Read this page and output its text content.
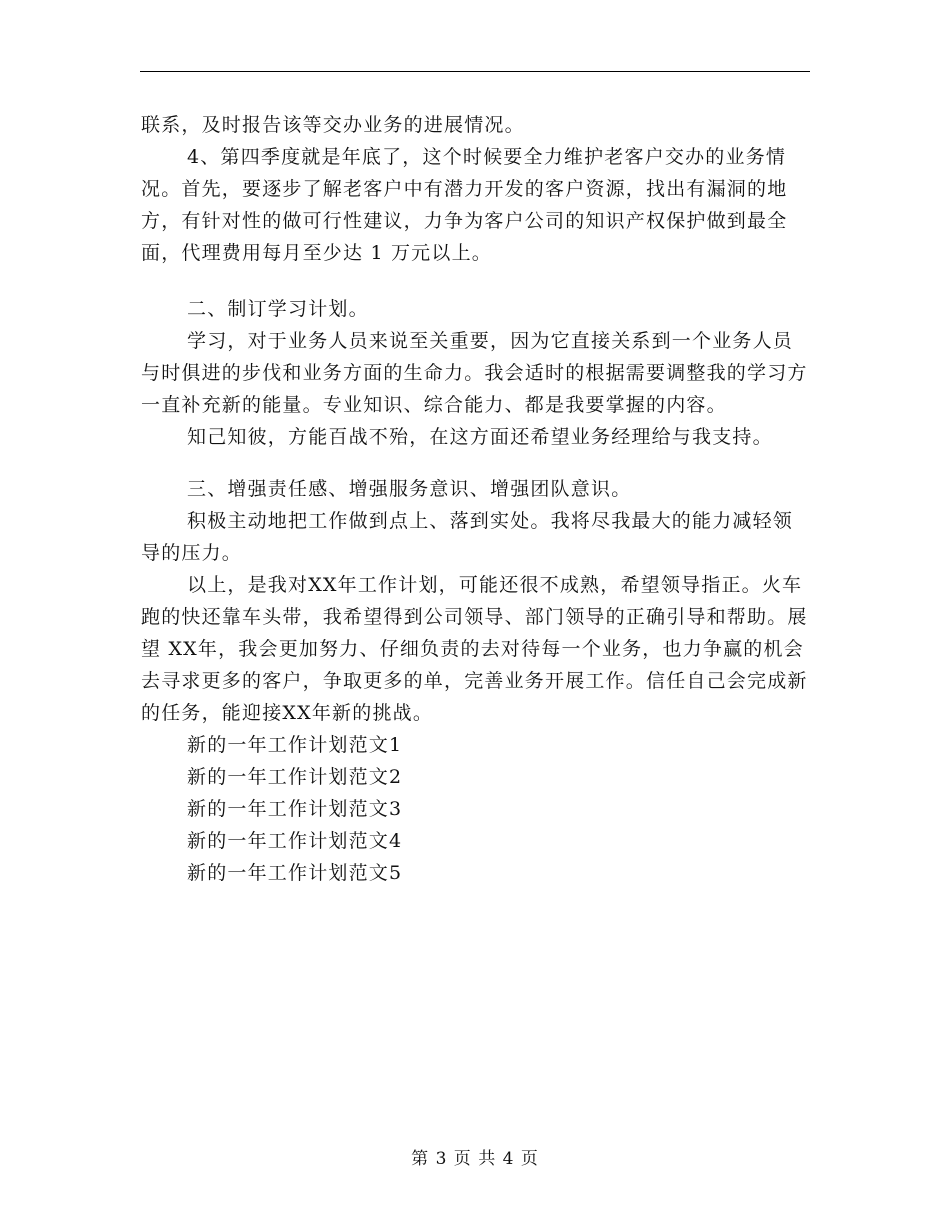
联系，及时报告该等交办业务的进展情况。

4、第四季度就是年底了，这个时候要全力维护老客户交办的业务情况。首先，要逐步了解老客户中有潜力开发的客户资源，找出有漏洞的地方，有针对性的做可行性建议，力争为客户公司的知识产权保护做到最全面，代理费用每月至少达 1 万元以上。

二、制订学习计划。

学习，对于业务人员来说至关重要，因为它直接关系到一个业务人员与时俱进的步伐和业务方面的生命力。我会适时的根据需要调整我的学习方一直补充新的能量。专业知识、综合能力、都是我要掌握的内容。

知己知彼，方能百战不殆，在这方面还希望业务经理给与我支持。

三、增强责任感、增强服务意识、增强团队意识。

积极主动地把工作做到点上、落到实处。我将尽我最大的能力减轻领导的压力。

以上，是我对XX年工作计划，可能还很不成熟，希望领导指正。火车跑的快还靠车头带，我希望得到公司领导、部门领导的正确引导和帮助。展望 XX年，我会更加努力、仔细负责的去对待每一个业务，也力争赢的机会去寻求更多的客户，争取更多的单，完善业务开展工作。信任自己会完成新的任务，能迎接XX年新的挑战。

新的一年工作计划范文1

新的一年工作计划范文2

新的一年工作计划范文3

新的一年工作计划范文4

新的一年工作计划范文5

第 3 页 共 4 页
